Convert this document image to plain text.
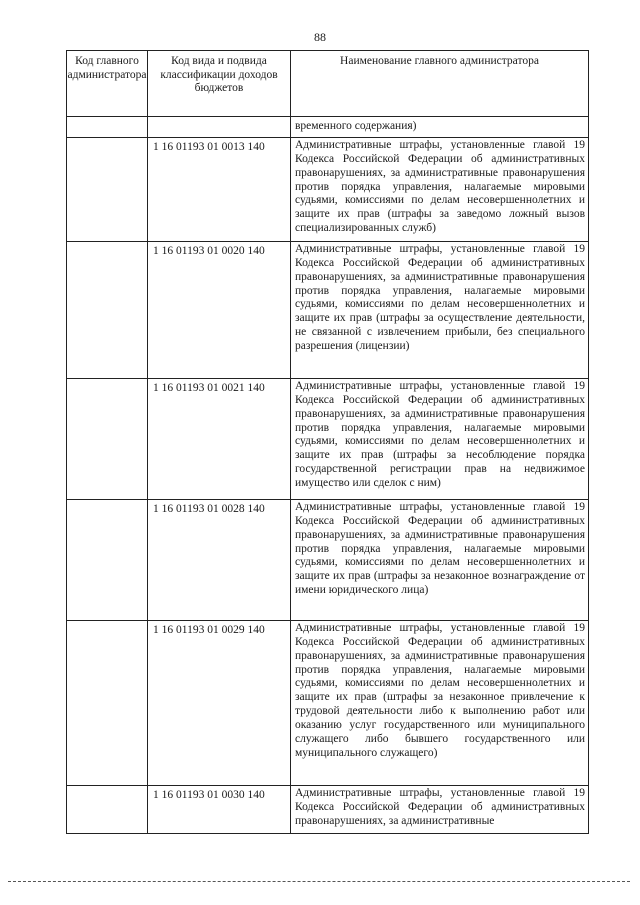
88
Код главного администратора	Код вида и подвида классификации доходов бюджетов	Наименование главного администратора
		временного содержания)
	1 16 01193 01 0013 140	Административные штрафы, установленные главой 19 Кодекса Российской Федерации об административных правонарушениях, за административные правонарушения против порядка управления, налагаемые мировыми судьями, комиссиями по делам несовершеннолетних и защите их прав (штрафы за заведомо ложный вызов специализированных служб)
	1 16 01193 01 0020 140	Административные штрафы, установленные главой 19 Кодекса Российской Федерации об административных правонарушениях, за административные правонарушения против порядка управления, налагаемые мировыми судьями, комиссиями по делам несовершеннолетних и защите их прав (штрафы за осуществление деятельности, не связанной с извлечением прибыли, без специального разрешения (лицензии)
	1 16 01193 01 0021 140	Административные штрафы, установленные главой 19 Кодекса Российской Федерации об административных правонарушениях, за административные правонарушения против порядка управления, налагаемые мировыми судьями, комиссиями по делам несовершеннолетних и защите их прав (штрафы за несоблюдение порядка государственной регистрации прав на недвижимое имущество или сделок с ним)
	1 16 01193 01 0028 140	Административные штрафы, установленные главой 19 Кодекса Российской Федерации об административных правонарушениях, за административные правонарушения против порядка управления, налагаемые мировыми судьями, комиссиями по делам несовершеннолетних и защите их прав (штрафы за незаконное вознаграждение от имени юридического лица)
	1 16 01193 01 0029 140	Административные штрафы, установленные главой 19 Кодекса Российской Федерации об административных правонарушениях, за административные правонарушения против порядка управления, налагаемые мировыми судьями, комиссиями по делам несовершеннолетних и защите их прав (штрафы за незаконное привлечение к трудовой деятельности либо к выполнению работ или оказанию услуг государственного или муниципального служащего либо бывшего государственного или муниципального служащего)
	1 16 01193 01 0030 140	Административные штрафы, установленные главой 19 Кодекса Российской Федерации об административных правонарушениях, за административные
